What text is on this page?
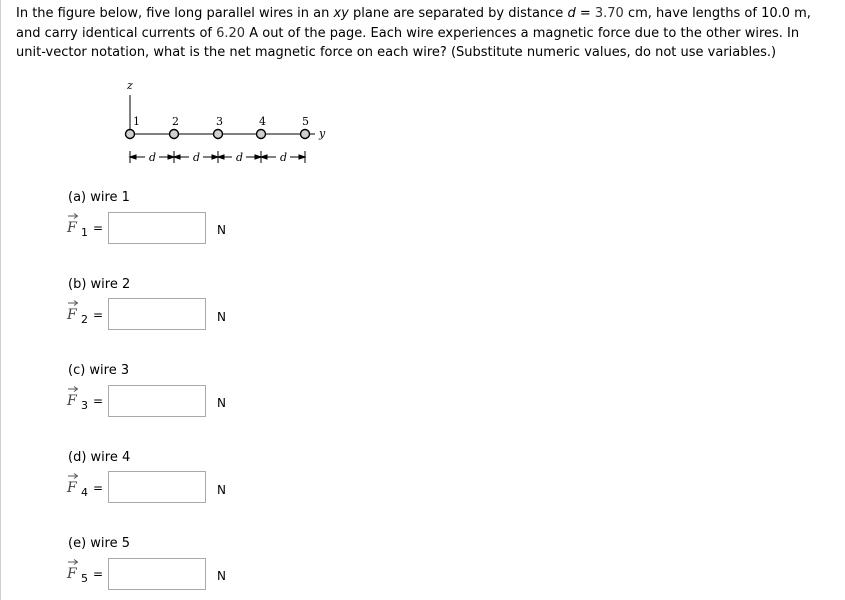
In the figure below, five long parallel wires in an xy plane are separated by distance d = 3.70 cm, have lengths of 10.0 m, and carry identical currents of 6.20 A out of the page. Each wire experiences a magnetic force due to the other wires. In unit-vector notation, what is the net magnetic force on each wire? (Substitute numeric values, do not use variables.)

z
y
1	2	3	4	5
d	d	d	d
(a) wire 1
F 1 =	N
(b) wire 2
F 2 =	N
(c) wire 3
F 3 =	N
(d) wire 4
F 4 =	N
(e) wire 5
F 5 =	N
